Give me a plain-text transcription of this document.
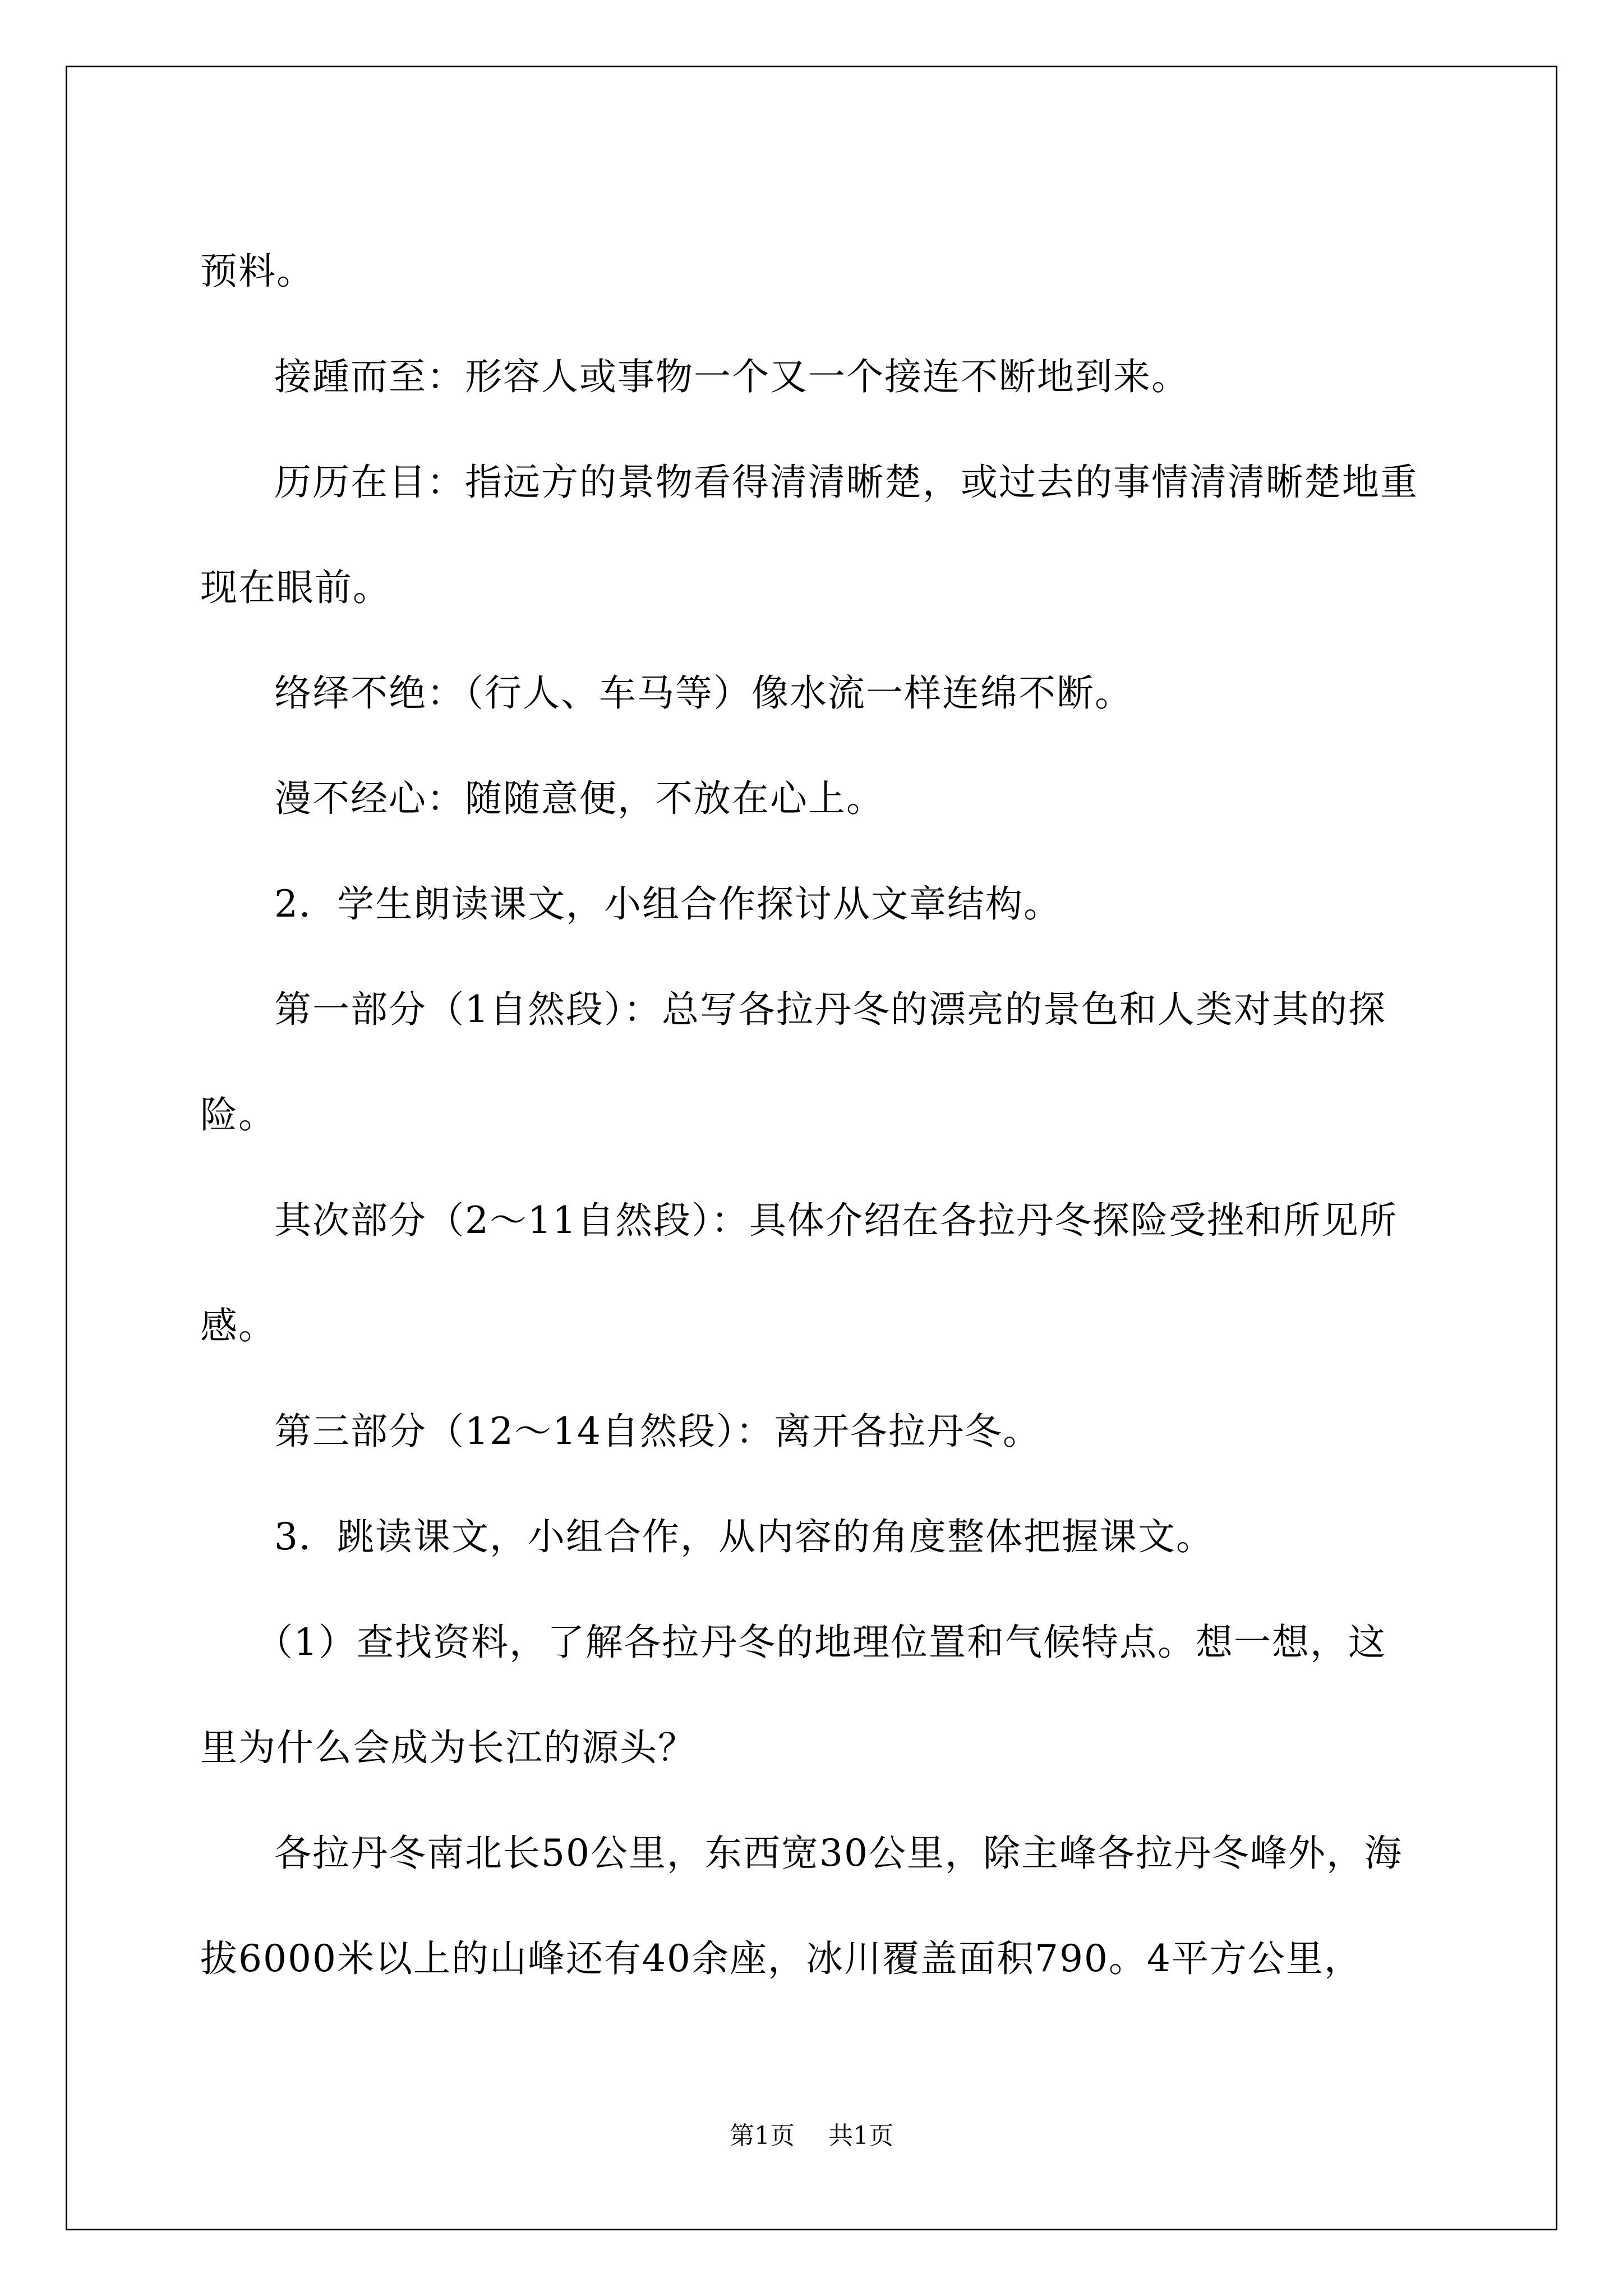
预料。

接踵而至：形容人或事物一个又一个接连不断地到来。

历历在目：指远方的景物看得清清晰楚，或过去的事情清清晰楚地重现在眼前。

络绎不绝：（行人、车马等）像水流一样连绵不断。

漫不经心：随随意便，不放在心上。

2．学生朗读课文，小组合作探讨从文章结构。

第一部分（1自然段）：总写各拉丹冬的漂亮的景色和人类对其的探险。

其次部分（2～11自然段）：具体介绍在各拉丹冬探险受挫和所见所感。

第三部分（12～14自然段）：离开各拉丹冬。

3．跳读课文，小组合作，从内容的角度整体把握课文。

（1）查找资料，了解各拉丹冬的地理位置和气候特点。想一想，这里为什么会成为长江的源头？

各拉丹冬南北长50公里，东西宽30公里，除主峰各拉丹冬峰外，海拔6000米以上的山峰还有40余座，冰川覆盖面积790。4平方公里，

第1页 共1页
